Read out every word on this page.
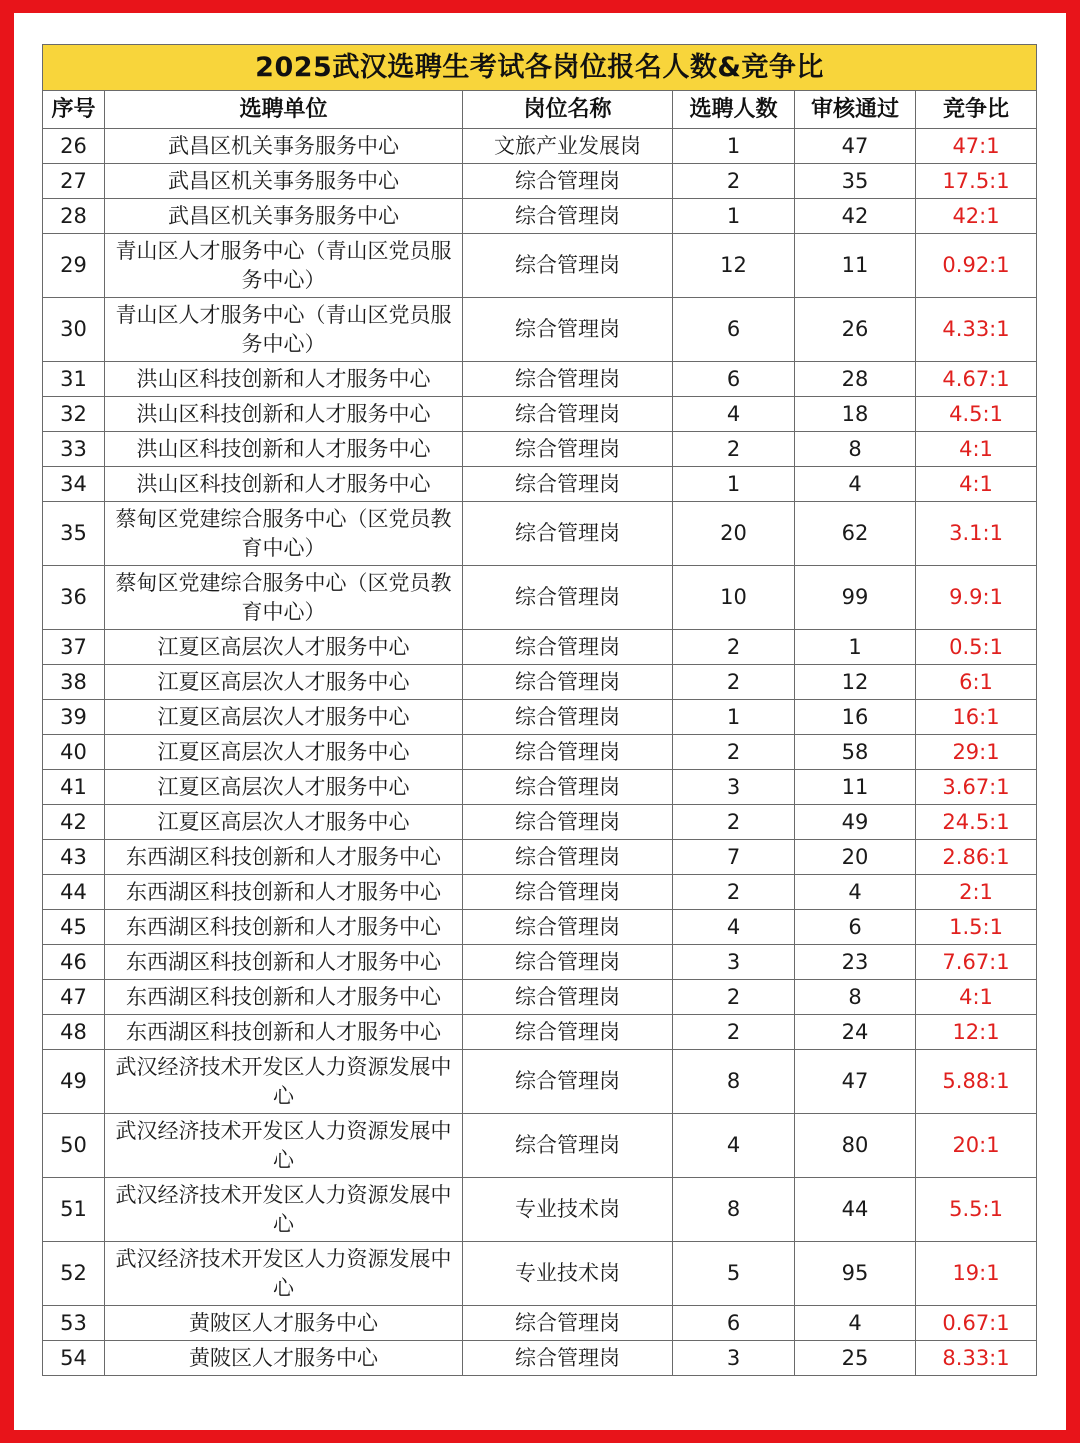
2025武汉选聘生考试各岗位报名人数&竞争比					
序号	选聘单位	岗位名称	选聘人数	审核通过	竞争比
26	武昌区机关事务服务中心	文旅产业发展岗	1	47	47:1
27	武昌区机关事务服务中心	综合管理岗	2	35	17.5:1
28	武昌区机关事务服务中心	综合管理岗	1	42	42:1
29	青山区人才服务中心（青山区党员服务中心）	综合管理岗	12	11	0.92:1
30	青山区人才服务中心（青山区党员服务中心）	综合管理岗	6	26	4.33:1
31	洪山区科技创新和人才服务中心	综合管理岗	6	28	4.67:1
32	洪山区科技创新和人才服务中心	综合管理岗	4	18	4.5:1
33	洪山区科技创新和人才服务中心	综合管理岗	2	8	4:1
34	洪山区科技创新和人才服务中心	综合管理岗	1	4	4:1
35	蔡甸区党建综合服务中心（区党员教育中心）	综合管理岗	20	62	3.1:1
36	蔡甸区党建综合服务中心（区党员教育中心）	综合管理岗	10	99	9.9:1
37	江夏区高层次人才服务中心	综合管理岗	2	1	0.5:1
38	江夏区高层次人才服务中心	综合管理岗	2	12	6:1
39	江夏区高层次人才服务中心	综合管理岗	1	16	16:1
40	江夏区高层次人才服务中心	综合管理岗	2	58	29:1
41	江夏区高层次人才服务中心	综合管理岗	3	11	3.67:1
42	江夏区高层次人才服务中心	综合管理岗	2	49	24.5:1
43	东西湖区科技创新和人才服务中心	综合管理岗	7	20	2.86:1
44	东西湖区科技创新和人才服务中心	综合管理岗	2	4	2:1
45	东西湖区科技创新和人才服务中心	综合管理岗	4	6	1.5:1
46	东西湖区科技创新和人才服务中心	综合管理岗	3	23	7.67:1
47	东西湖区科技创新和人才服务中心	综合管理岗	2	8	4:1
48	东西湖区科技创新和人才服务中心	综合管理岗	2	24	12:1
49	武汉经济技术开发区人力资源发展中心	综合管理岗	8	47	5.88:1
50	武汉经济技术开发区人力资源发展中心	综合管理岗	4	80	20:1
51	武汉经济技术开发区人力资源发展中心	专业技术岗	8	44	5.5:1
52	武汉经济技术开发区人力资源发展中心	专业技术岗	5	95	19:1
53	黄陂区人才服务中心	综合管理岗	6	4	0.67:1
54	黄陂区人才服务中心	综合管理岗	3	25	8.33:1
